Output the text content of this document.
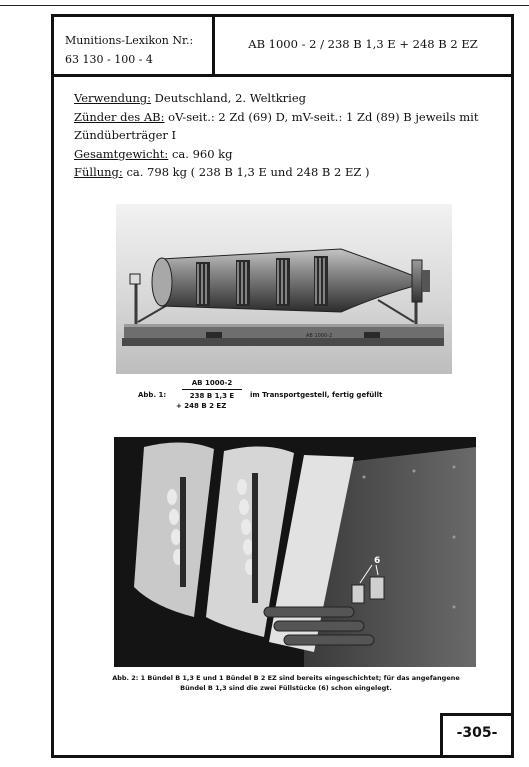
Munitions-Lexikon Nr.:
63 130 - 100 - 4
AB 1000 - 2 / 238 B 1,3 E + 248 B 2 EZ
Verwendung: Deutschland, 2. Weltkrieg
Zünder des AB: oV-seit.: 2 Zd (69) D, mV-seit.: 1 Zd (89) B jeweils mit Zündüberträger I
Gesamtgewicht: ca. 960 kg
Füllung: ca. 798 kg ( 238 B 1,3 E und 248 B 2 EZ )
AB 1000-2
Abb. 1: $\frac{AB 1000-2}{238 B 1,3 E}$
+ 248 B 2 EZ
im Transportgestell, fertig gefüllt
6
Abb. 2: 1 Bündel B 1,3 E und 1 Bündel B 2 EZ sind bereits eingeschichtet; für das angefangene
Bündel B 1,3 sind die zwei Füllstücke (6) schon eingelegt.
-305-
